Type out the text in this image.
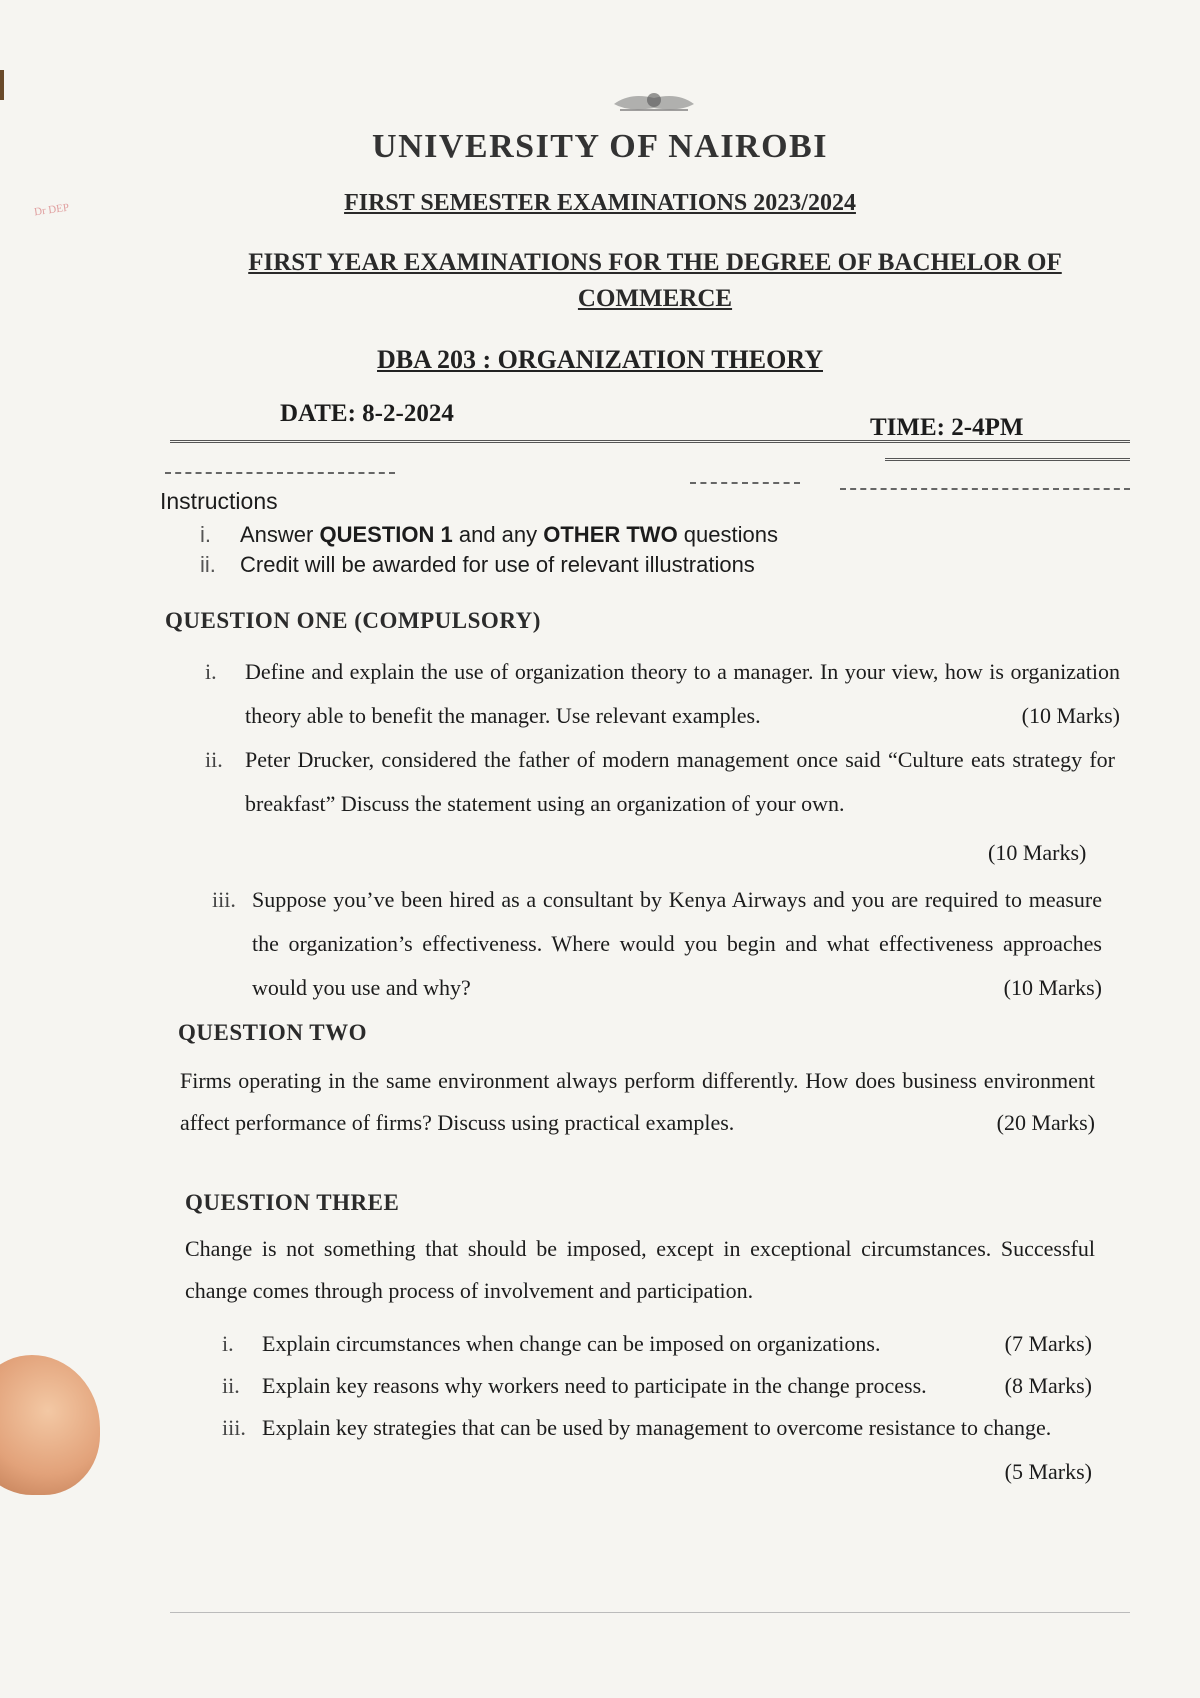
Dr DEP
UNIVERSITY OF NAIROBI
FIRST SEMESTER EXAMINATIONS 2023/2024
FIRST YEAR EXAMINATIONS FOR THE DEGREE OF BACHELOR OF COMMERCE
DBA 203 : ORGANIZATION THEORY
DATE: 8-2-2024
TIME: 2-4PM
Instructions
i. Answer QUESTION 1 and any OTHER TWO questions
ii. Credit will be awarded for use of relevant illustrations
QUESTION ONE (COMPULSORY)
i. Define and explain the use of organization theory to a manager. In your view, how is organization theory able to benefit the manager. Use relevant examples.	(10 Marks)
ii. Peter Drucker, considered the father of modern management once said “Culture eats strategy for breakfast” Discuss the statement using an organization of your own.
(10 Marks)
iii. Suppose you’ve been hired as a consultant by Kenya Airways and you are required to measure the organization’s effectiveness. Where would you begin and what effectiveness approaches would you use and why?	(10 Marks)
QUESTION TWO
Firms operating in the same environment always perform differently. How does business environment affect performance of firms? Discuss using practical examples.	(20 Marks)
QUESTION THREE
Change is not something that should be imposed, except in exceptional circumstances. Successful change comes through process of involvement and participation.
i. Explain circumstances when change can be imposed on organizations.	(7 Marks)
ii. Explain key reasons why workers need to participate in the change process.	(8 Marks)
iii. Explain key strategies that can be used by management to overcome resistance to change.
(5 Marks)
